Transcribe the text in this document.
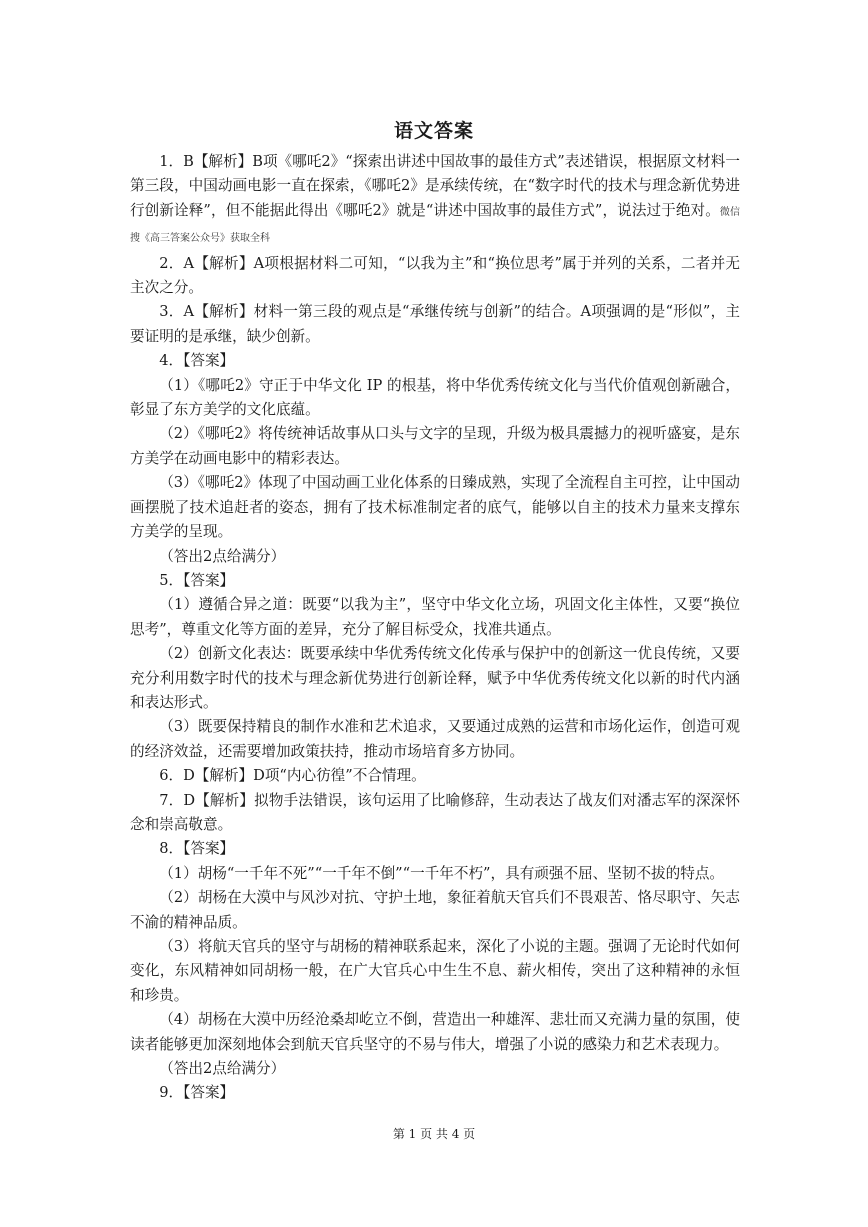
语文答案

1．B【解析】B项《哪吒2》“探索出讲述中国故事的最佳方式”表述错误，根据原文材料一第三段，中国动画电影一直在探索，《哪吒2》是承续传统，在“数字时代的技术与理念新优势进行创新诠释”，但不能据此得出《哪吒2》就是“讲述中国故事的最佳方式”，说法过于绝对。微信搜《高三答案公众号》获取全科

2．A【解析】A项根据材料二可知，“以我为主”和“换位思考”属于并列的关系，二者并无主次之分。

3．A【解析】材料一第三段的观点是“承继传统与创新”的结合。A项强调的是“形似”，主要证明的是承继，缺少创新。

4．【答案】

（1）《哪吒2》守正于中华文化 IP 的根基，将中华优秀传统文化与当代价值观创新融合，彰显了东方美学的文化底蕴。

（2）《哪吒2》将传统神话故事从口头与文字的呈现，升级为极具震撼力的视听盛宴，是东方美学在动画电影中的精彩表达。

（3）《哪吒2》体现了中国动画工业化体系的日臻成熟，实现了全流程自主可控，让中国动画摆脱了技术追赶者的姿态，拥有了技术标准制定者的底气，能够以自主的技术力量来支撑东方美学的呈现。

（答出2点给满分）

5．【答案】

（1）遵循合异之道：既要“以我为主”，坚守中华文化立场，巩固文化主体性，又要“换位思考”，尊重文化等方面的差异，充分了解目标受众，找准共通点。

（2）创新文化表达：既要承续中华优秀传统文化传承与保护中的创新这一优良传统，又要充分利用数字时代的技术与理念新优势进行创新诠释，赋予中华优秀传统文化以新的时代内涵和表达形式。

（3）既要保持精良的制作水准和艺术追求，又要通过成熟的运营和市场化运作，创造可观的经济效益，还需要增加政策扶持，推动市场培育多方协同。

6．D【解析】D项“内心彷徨”不合情理。

7．D【解析】拟物手法错误，该句运用了比喻修辞，生动表达了战友们对潘志军的深深怀念和崇高敬意。

8．【答案】

（1）胡杨“一千年不死”“一千年不倒”“一千年不朽”，具有顽强不屈、坚韧不拔的特点。

（2）胡杨在大漠中与风沙对抗、守护土地，象征着航天官兵们不畏艰苦、恪尽职守、矢志不渝的精神品质。

（3）将航天官兵的坚守与胡杨的精神联系起来，深化了小说的主题。强调了无论时代如何变化，东风精神如同胡杨一般，在广大官兵心中生生不息、薪火相传，突出了这种精神的永恒和珍贵。

（4）胡杨在大漠中历经沧桑却屹立不倒，营造出一种雄浑、悲壮而又充满力量的氛围，使读者能够更加深刻地体会到航天官兵坚守的不易与伟大，增强了小说的感染力和艺术表现力。

（答出2点给满分）

9．【答案】

第 1 页 共 4 页
